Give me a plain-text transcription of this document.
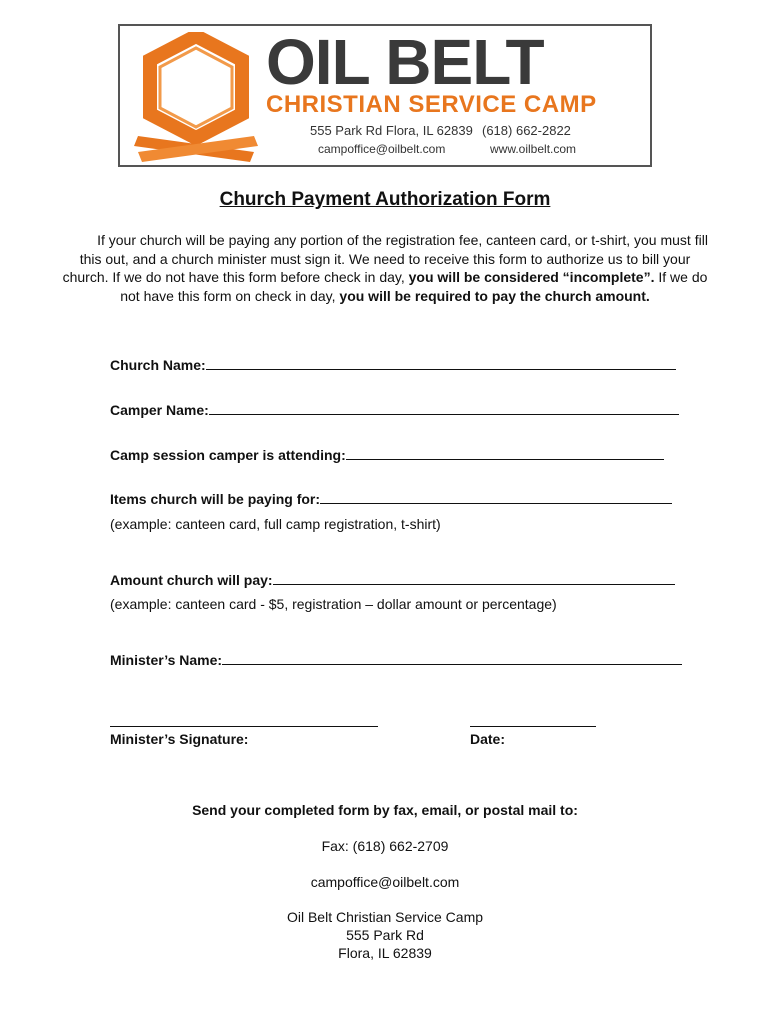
OIL BELT
CHRISTIAN SERVICE CAMP
555 Park Rd Flora, IL 62839 (618) 662-2822
campoffice@oilbelt.com	www.oilbelt.com
Church Payment Authorization Form

If your church will be paying any portion of the registration fee, canteen card, or t-shirt, you must fill this out, and a church minister must sign it. We need to receive this form to authorize us to bill your church. If we do not have this form before check in day, you will be considered “incomplete”. If we do not have this form on check in day, you will be required to pay the church amount.

Church Name:
Camper Name:
Camp session camper is attending:
Items church will be paying for:
(example: canteen card, full camp registration, t-shirt)
Amount church will pay:
(example: canteen card - $5, registration – dollar amount or percentage)
Minister’s Name:
Minister’s Signature:	Date:
Send your completed form by fax, email, or postal mail to:
Fax: (618) 662-2709
campoffice@oilbelt.com
Oil Belt Christian Service Camp
555 Park Rd
Flora, IL 62839
